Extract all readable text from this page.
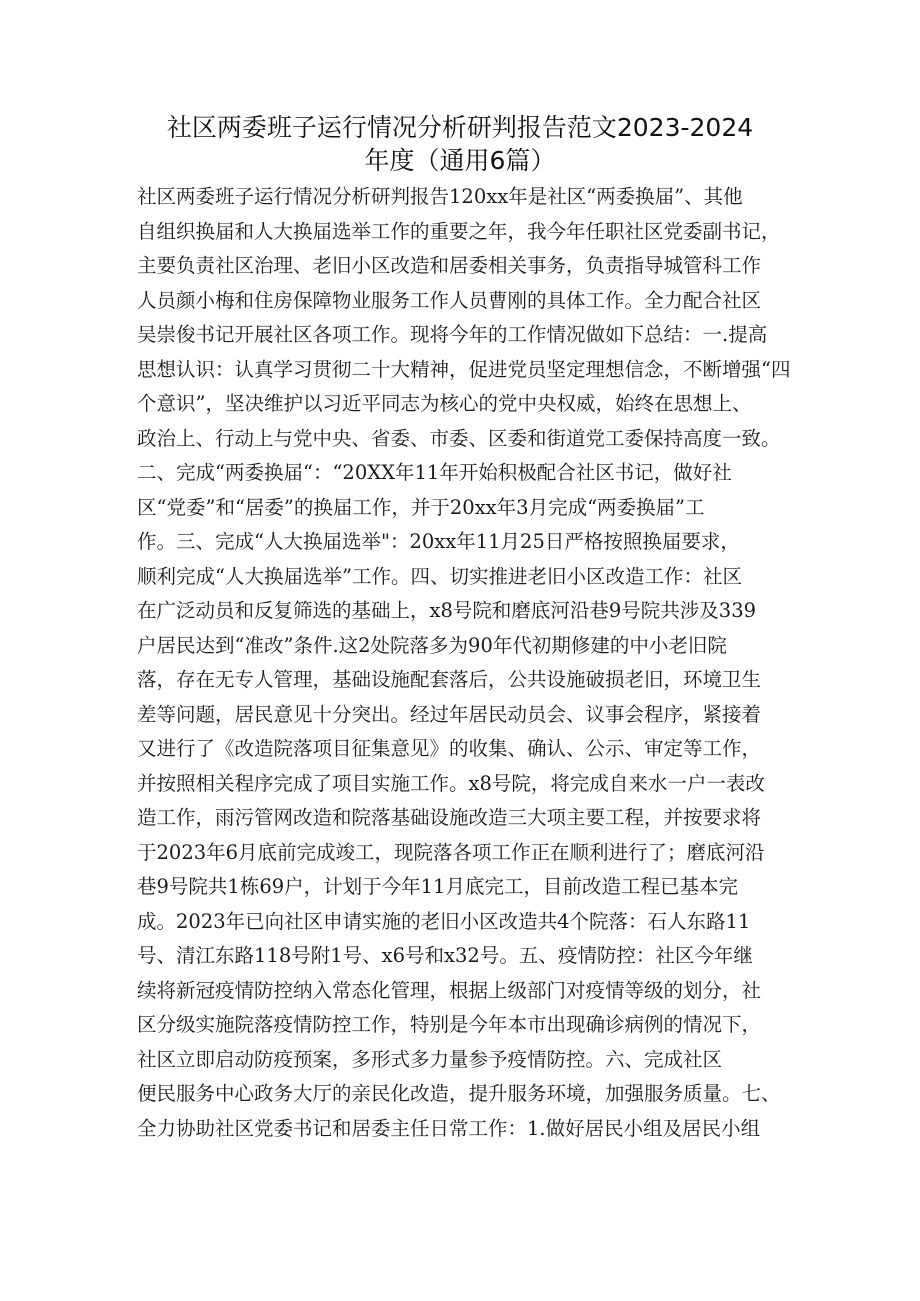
社区两委班子运行情况分析研判报告范文2023-2024
年度（通用6篇）
社区两委班子运行情况分析研判报告120xx年是社区“两委换届”、其他
自组织换届和人大换届选举工作的重要之年，我今年任职社区党委副书记，
主要负责社区治理、老旧小区改造和居委相关事务，负责指导城管科工作
人员颜小梅和住房保障物业服务工作人员曹刚的具体工作。全力配合社区
吴崇俊书记开展社区各项工作。现将今年的工作情况做如下总结：一.提高
思想认识：认真学习贯彻二十大精神，促进党员坚定理想信念，不断增强“四
个意识”，坚决维护以习近平同志为核心的党中央权威，始终在思想上、
政治上、行动上与党中央、省委、市委、区委和街道党工委保持高度一致。
二、完成“两委换届“：“20XX年11年开始积极配合社区书记，做好社
区“党委”和“居委”的换届工作，并于20xx年3月完成“两委换届”工
作。三、完成“人大换届选举"：20xx年11月25日严格按照换届要求，
顺利完成“人大换届选举”工作。四、切实推进老旧小区改造工作：社区
在广泛动员和反复筛选的基础上，x8号院和磨底河沿巷9号院共涉及339
户居民达到“准改”条件.这2处院落多为90年代初期修建的中小老旧院
落，存在无专人管理，基础设施配套落后，公共设施破损老旧，环境卫生
差等问题，居民意见十分突出。经过年居民动员会、议事会程序，紧接着
又进行了《改造院落项目征集意见》的收集、确认、公示、审定等工作，
并按照相关程序完成了项目实施工作。x8号院，将完成自来水一户一表改
造工作，雨污管网改造和院落基础设施改造三大项主要工程，并按要求将
于2023年6月底前完成竣工，现院落各项工作正在顺利进行了；磨底河沿
巷9号院共1栋69户，计划于今年11月底完工，目前改造工程已基本完
成。2023年已向社区申请实施的老旧小区改造共4个院落：石人东路11
号、清江东路118号附1号、x6号和x32号。五、疫情防控：社区今年继
续将新冠疫情防控纳入常态化管理，根据上级部门对疫情等级的划分，社
区分级实施院落疫情防控工作，特别是今年本市出现确诊病例的情况下，
社区立即启动防疫预案，多形式多力量参予疫情防控。六、完成社区
便民服务中心政务大厅的亲民化改造，提升服务环境，加强服务质量。七、
全力协助社区党委书记和居委主任日常工作：1.做好居民小组及居民小组
